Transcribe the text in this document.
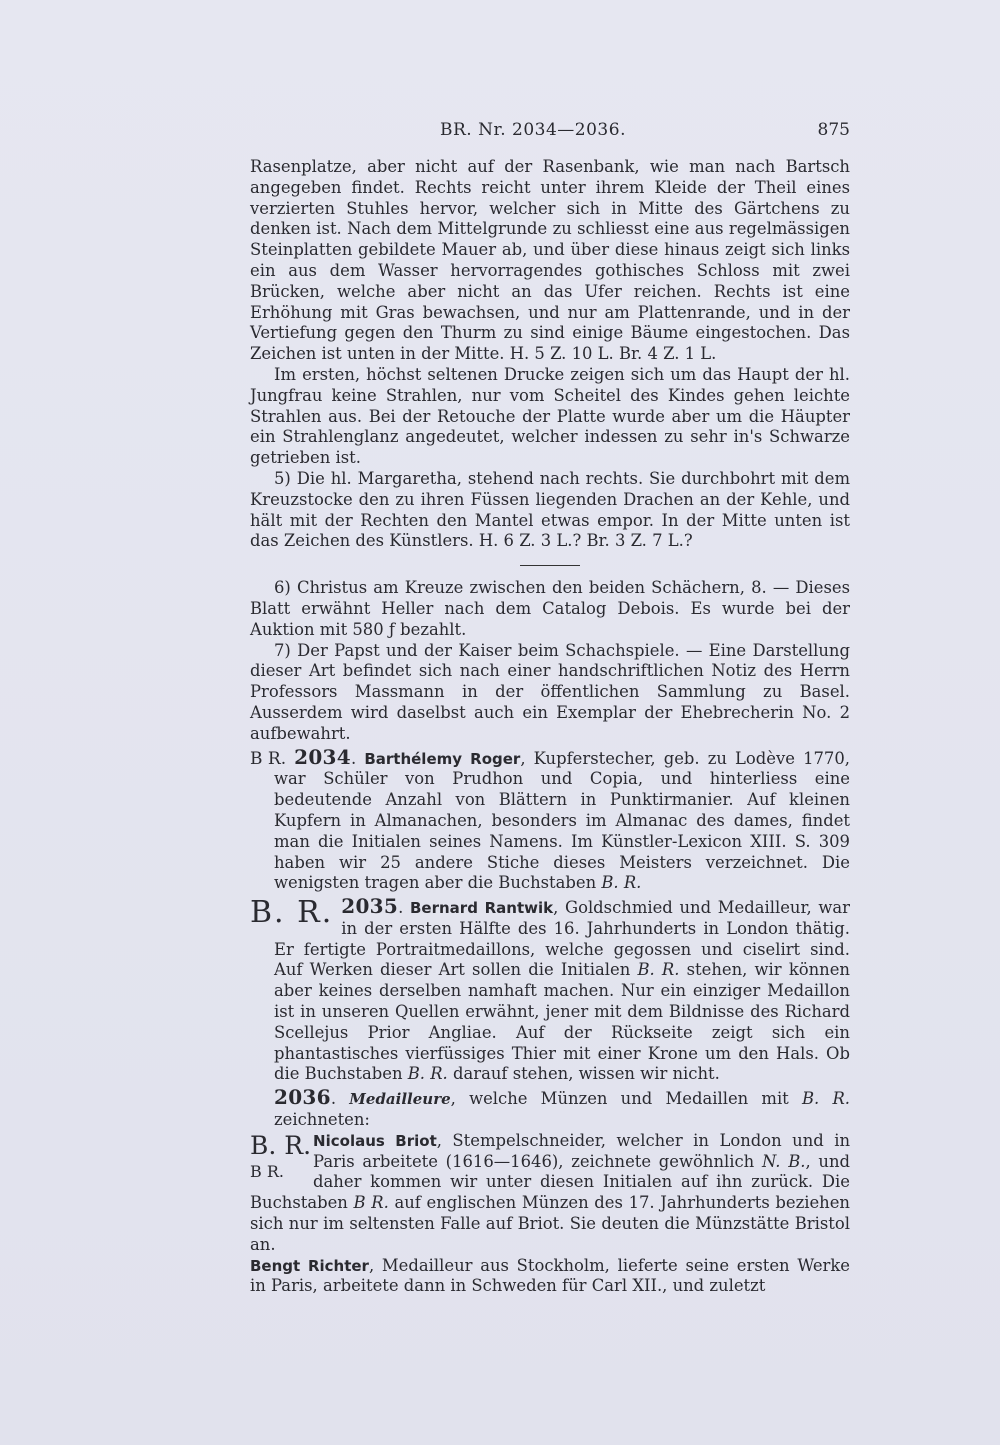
BR. Nr. 2034—2036.	875

Rasenplatze, aber nicht auf der Rasenbank, wie man nach Bartsch angegeben findet. Rechts reicht unter ihrem Kleide der Theil eines verzierten Stuhles hervor, welcher sich in Mitte des Gärtchens zu denken ist. Nach dem Mittelgrunde zu schliesst eine aus regelmässigen Steinplatten gebildete Mauer ab, und über diese hinaus zeigt sich links ein aus dem Wasser hervorragendes gothisches Schloss mit zwei Brücken, welche aber nicht an das Ufer reichen. Rechts ist eine Erhöhung mit Gras bewachsen, und nur am Plattenrande, und in der Vertiefung gegen den Thurm zu sind einige Bäume eingestochen. Das Zeichen ist unten in der Mitte. H. 5 Z. 10 L. Br. 4 Z. 1 L.

Im ersten, höchst seltenen Drucke zeigen sich um das Haupt der hl. Jungfrau keine Strahlen, nur vom Scheitel des Kindes gehen leichte Strahlen aus. Bei der Retouche der Platte wurde aber um die Häupter ein Strahlenglanz angedeutet, welcher indessen zu sehr in's Schwarze getrieben ist.

5) Die hl. Margaretha, stehend nach rechts. Sie durchbohrt mit dem Kreuzstocke den zu ihren Füssen liegenden Drachen an der Kehle, und hält mit der Rechten den Mantel etwas empor. In der Mitte unten ist das Zeichen des Künstlers. H. 6 Z. 3 L.? Br. 3 Z. 7 L.?

6) Christus am Kreuze zwischen den beiden Schächern, 8. — Dieses Blatt erwähnt Heller nach dem Catalog Debois. Es wurde bei der Auktion mit 580 ƒ bezahlt.

7) Der Papst und der Kaiser beim Schachspiele. — Eine Darstellung dieser Art befindet sich nach einer handschriftlichen Notiz des Herrn Professors Massmann in der öffentlichen Sammlung zu Basel. Ausserdem wird daselbst auch ein Exemplar der Ehebrecherin No. 2 aufbewahrt.

B R. 2034. Barthélemy Roger, Kupferstecher, geb. zu Lodève 1770, war Schüler von Prudhon und Copia, und hinterliess eine bedeutende Anzahl von Blättern in Punktirmanier. Auf kleinen Kupfern in Almanachen, besonders im Almanac des dames, findet man die Initialen seines Namens. Im Künstler-Lexicon XIII. S. 309 haben wir 25 andere Stiche dieses Meisters verzeichnet. Die wenigsten tragen aber die Buchstaben B. R.

B. R. 2035. Bernard Rantwik, Goldschmied und Medailleur, war in der ersten Hälfte des 16. Jahrhunderts in London thätig. Er fertigte Portraitmedaillons, welche gegossen und ciselirt sind. Auf Werken dieser Art sollen die Initialen B. R. stehen, wir können aber keines derselben namhaft machen. Nur ein einziger Medaillon ist in unseren Quellen erwähnt, jener mit dem Bildnisse des Richard Scellejus Prior Angliae. Auf der Rückseite zeigt sich ein phantastisches vierfüssiges Thier mit einer Krone um den Hals. Ob die Buchstaben B. R. darauf stehen, wissen wir nicht.

2036. Medailleure, welche Münzen und Medaillen mit B. R. zeichneten:

B. R.
B R.

Nicolaus Briot, Stempelschneider, welcher in London und in Paris arbeitete (1616—1646), zeichnete gewöhnlich N. B., und daher kommen wir unter diesen Initialen auf ihn zurück. Die Buchstaben B R. auf englischen Münzen des 17. Jahrhunderts beziehen sich nur im seltensten Falle auf Briot. Sie deuten die Münzstätte Bristol an.

Bengt Richter, Medailleur aus Stockholm, lieferte seine ersten Werke in Paris, arbeitete dann in Schweden für Carl XII., und zuletzt
